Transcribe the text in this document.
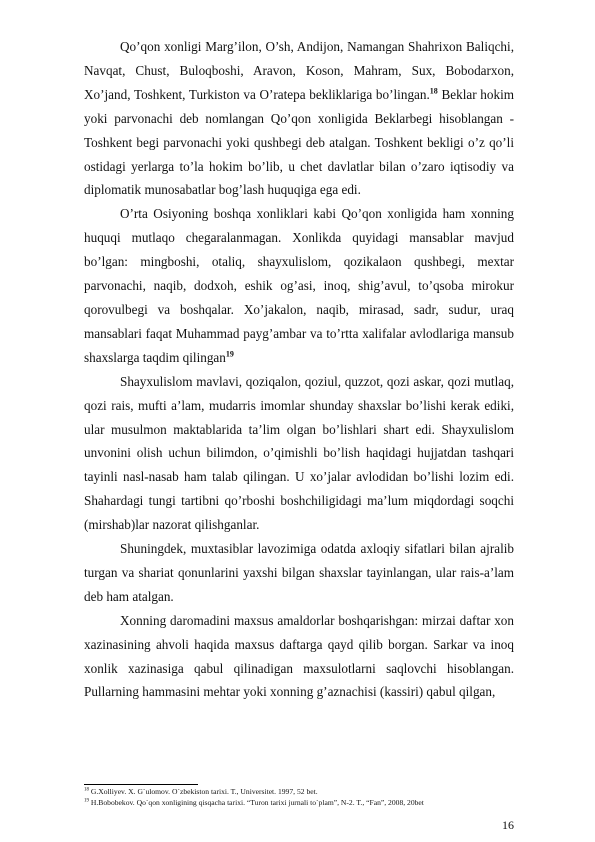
Qo’qon xonligi Marg’ilon, O’sh, Andijon, Namangan Shahrixon Baliqchi, Navqat, Chust, Buloqboshi, Aravon, Koson, Mahram, Sux, Bobodarxon, Xo’jand, Toshkent, Turkiston va O’ratepa bekliklariga bo’lingan.$^{18}$ Beklar hokim yoki parvonachi deb nomlangan Qo’qon xonligida Beklarbegi hisoblangan -Toshkent begi parvonachi yoki qushbegi deb atalgan. Toshkent bekligi o’z qo’li ostidagi yerlarga to’la hokim bo’lib, u chet davlatlar bilan o’zaro iqtisodiy va diplomatik munosabatlar bog’lash huquqiga ega edi.

O’rta Osiyoning boshqa xonliklari kabi Qo’qon xonligida ham xonning huquqi mutlaqo chegaralanmagan. Xonlikda quyidagi mansablar mavjud bo’lgan: mingboshi, otaliq, shayxulislom, qozikalaon qushbegi, mextar parvonachi, naqib, dodxoh, eshik og’asi, inoq, shig’avul, to’qsoba mirokur qorovulbegi va boshqalar. Xo’jakalon, naqib, mirasad, sadr, sudur, uraq mansablari faqat Muhammad payg’ambar va to’rtta xalifalar avlodlariga mansub shaxslarga taqdim qilingan$^{19}$

Shayxulislom mavlavi, qoziqalon, qoziul, quzzot, qozi askar, qozi mutlaq, qozi rais, mufti a’lam, mudarris imomlar shunday shaxslar bo’lishi kerak ediki, ular musulmon maktablarida ta’lim olgan bo’lishlari shart edi. Shayxulislom unvonini olish uchun bilimdon, o’qimishli bo’lish haqidagi hujjatdan tashqari tayinli nasl-nasab ham talab qilingan. U xo’jalar avlodidan bo’lishi lozim edi. Shahardagi tungi tartibni qo’rboshi boshchiligidagi ma’lum miqdordagi soqchi (mirshab)lar nazorat qilishganlar.

Shuningdek, muxtasiblar lavozimiga odatda axloqiy sifatlari bilan ajralib turgan va shariat qonunlarini yaxshi bilgan shaxslar tayinlangan, ular rais-a’lam deb ham atalgan.

Xonning daromadini maxsus amaldorlar boshqarishgan: mirzai daftar xon xazinasining ahvoli haqida maxsus daftarga qayd qilib borgan. Sarkar va inoq xonlik xazinasiga qabul qilinadigan maxsulotlarni saqlovchi hisoblangan. Pullarning hammasini mehtar yoki xonning g’aznachisi (kassiri) qabul qilgan,

$^{18}$ G.Xolliyev. X. G`ulomov. O`zbekiston tarixi. T., Universitet. 1997, 52 bet.
$^{19}$ H.Bobobekov. Qo`qon xonligining qisqacha tarixi. “Turon tarixi jurnali to`plam”, N-2. T., “Fan”, 2008, 20bet
16
